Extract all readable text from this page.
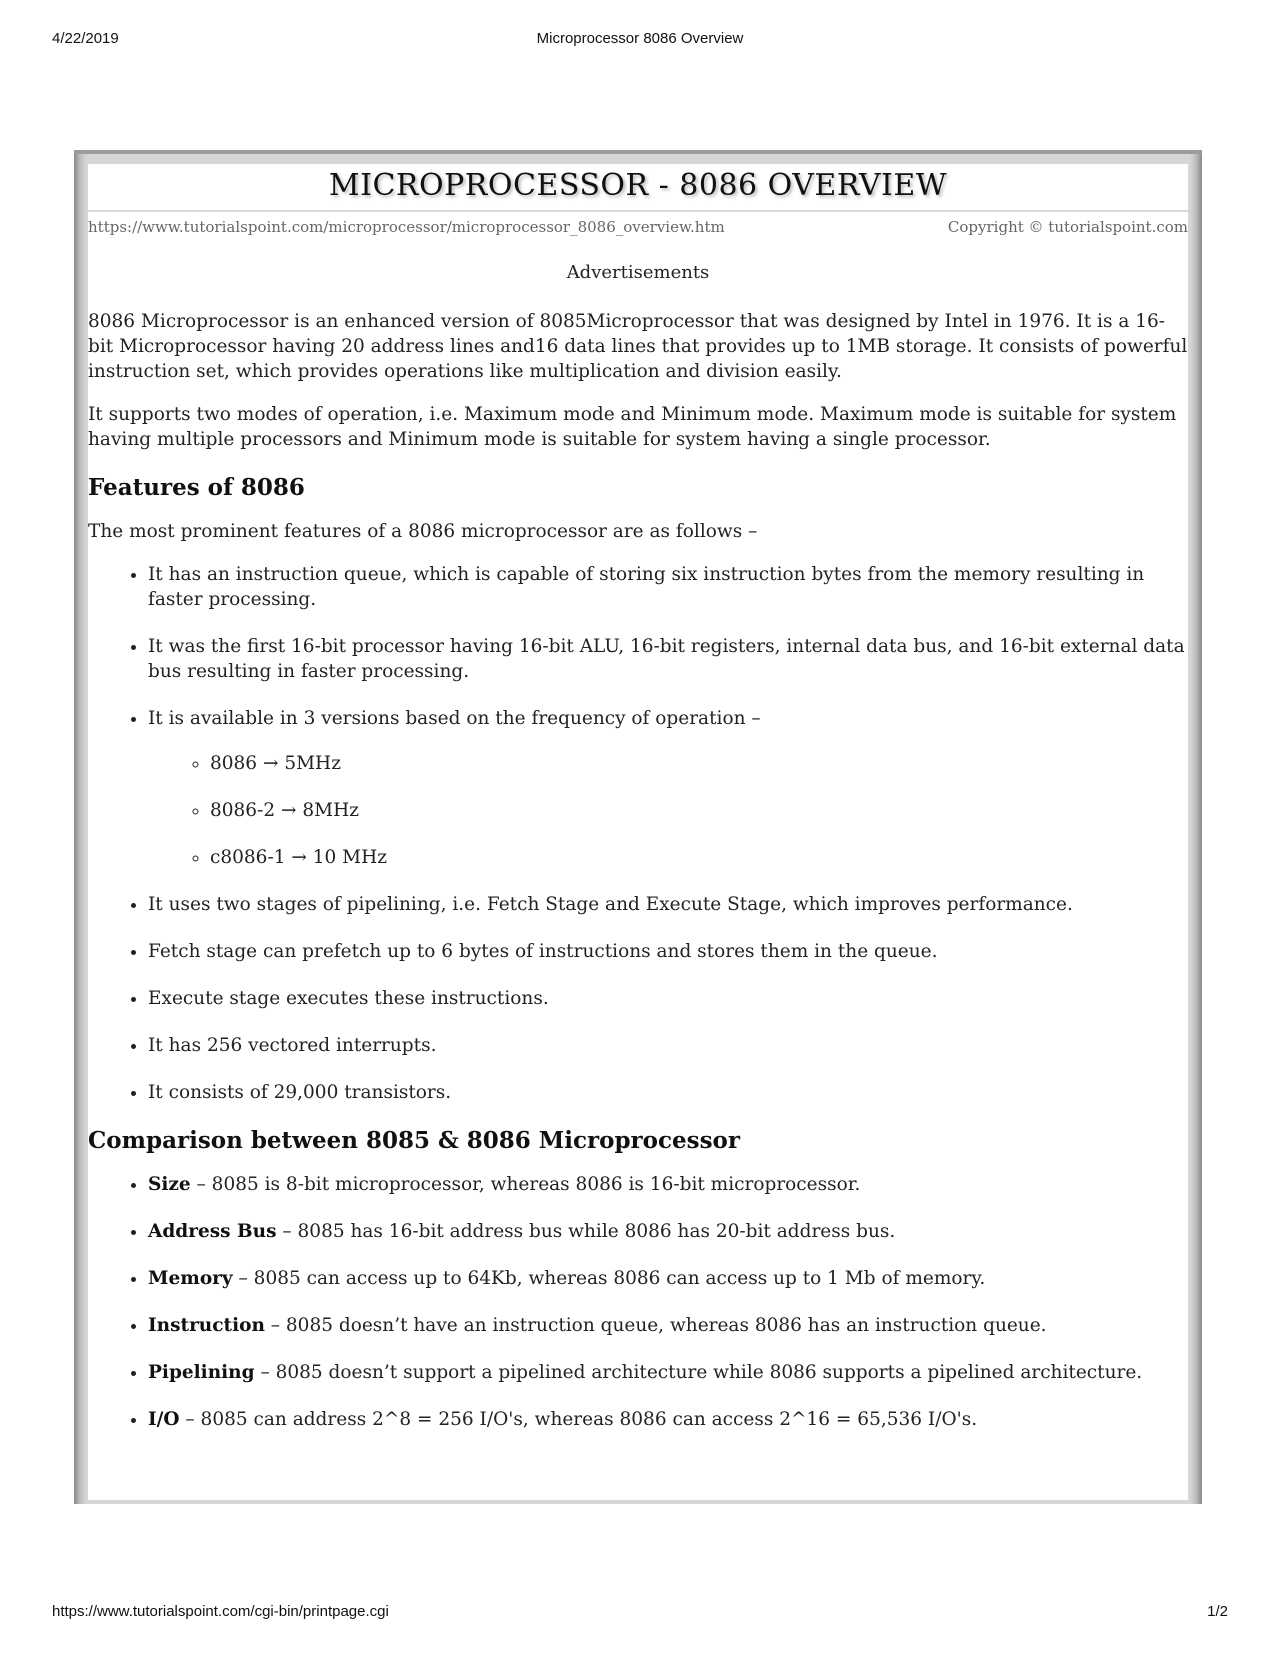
4/22/2019	Microprocessor 8086 Overview
MICROPROCESSOR - 8086 OVERVIEW
https://www.tutorialspoint.com/microprocessor/microprocessor_8086_overview.htm	Copyright © tutorialspoint.com
Advertisements

8086 Microprocessor is an enhanced version of 8085Microprocessor that was designed by Intel in 1976. It is a 16-bit Microprocessor having 20 address lines and16 data lines that provides up to 1MB storage. It consists of powerful instruction set, which provides operations like multiplication and division easily.

It supports two modes of operation, i.e. Maximum mode and Minimum mode. Maximum mode is suitable for system having multiple processors and Minimum mode is suitable for system having a single processor.

Features of 8086

The most prominent features of a 8086 microprocessor are as follows –

• It has an instruction queue, which is capable of storing six instruction bytes from the memory resulting in faster processing.
• It was the first 16-bit processor having 16-bit ALU, 16-bit registers, internal data bus, and 16-bit external data bus resulting in faster processing.
• It is available in 3 versions based on the frequency of operation –
◦ 8086 → 5MHz
◦ 8086-2 → 8MHz
◦ c8086-1 → 10 MHz
• It uses two stages of pipelining, i.e. Fetch Stage and Execute Stage, which improves performance.
• Fetch stage can prefetch up to 6 bytes of instructions and stores them in the queue.
• Execute stage executes these instructions.
• It has 256 vectored interrupts.
• It consists of 29,000 transistors.
Comparison between 8085 & 8086 Microprocessor
• Size – 8085 is 8-bit microprocessor, whereas 8086 is 16-bit microprocessor.
• Address Bus – 8085 has 16-bit address bus while 8086 has 20-bit address bus.
• Memory – 8085 can access up to 64Kb, whereas 8086 can access up to 1 Mb of memory.
• Instruction – 8085 doesn’t have an instruction queue, whereas 8086 has an instruction queue.
• Pipelining – 8085 doesn’t support a pipelined architecture while 8086 supports a pipelined architecture.
• I/O – 8085 can address 2^8 = 256 I/O's, whereas 8086 can access 2^16 = 65,536 I/O's.
https://www.tutorialspoint.com/cgi-bin/printpage.cgi	1/2
